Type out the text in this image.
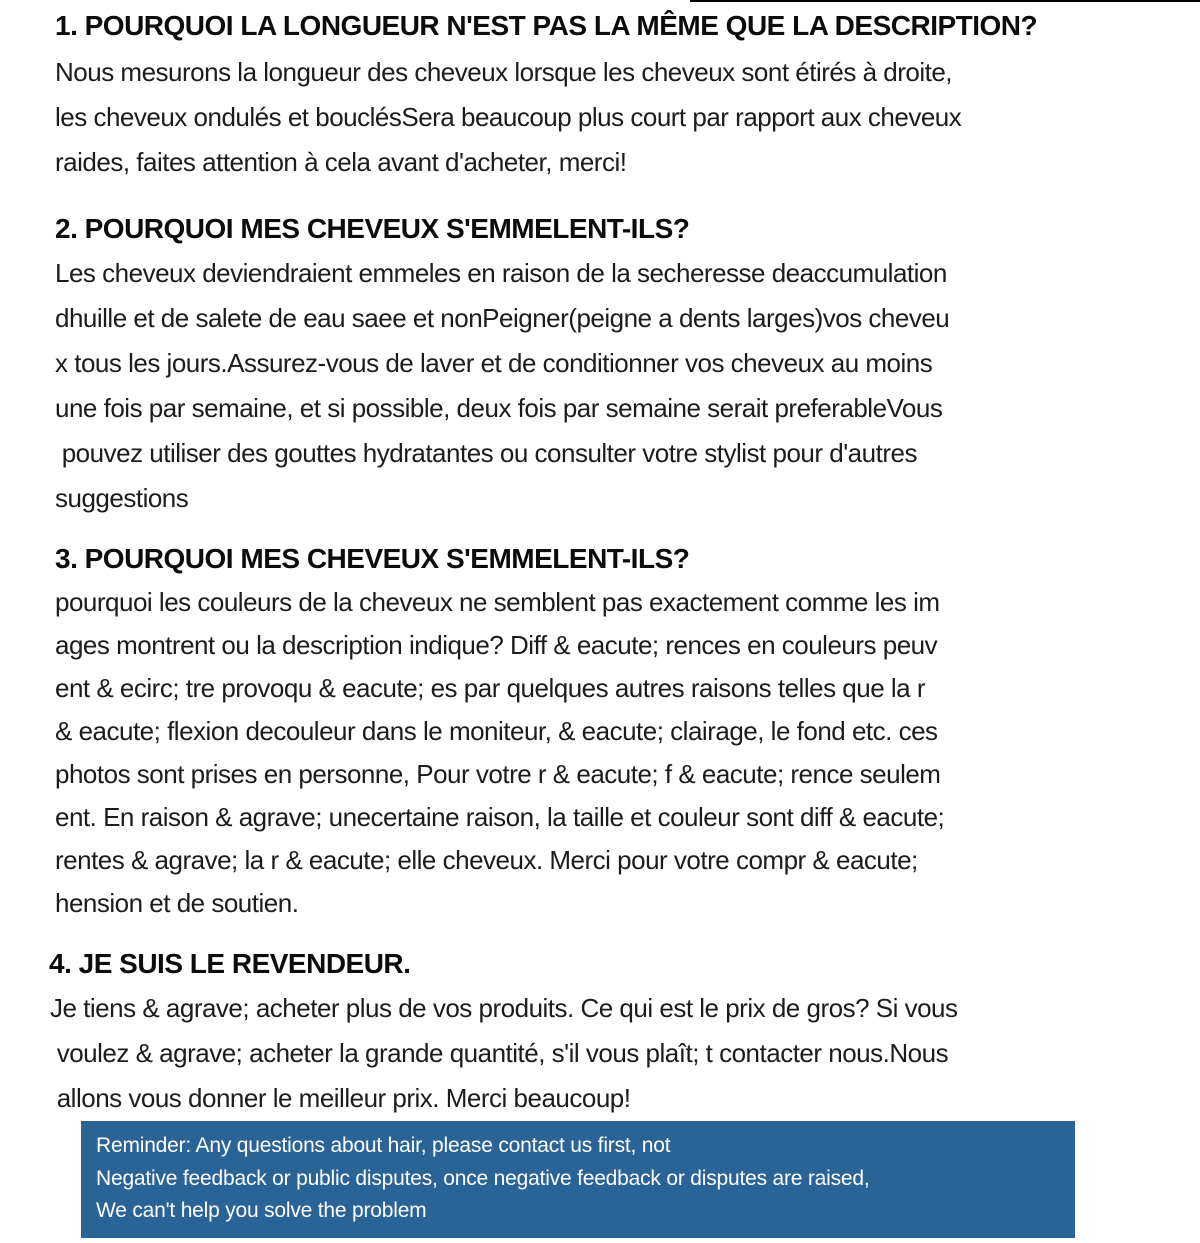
1. POURQUOI LA LONGUEUR N'EST PAS LA MÊME QUE LA DESCRIPTION?
Nous mesurons la longueur des cheveux lorsque les cheveux sont étirés à droite,
les cheveux ondulés et bouclésSera beaucoup plus court par rapport aux cheveux
raides, faites attention à cela avant d'acheter, merci!
2. POURQUOI MES CHEVEUX S'EMMELENT-ILS?
Les cheveux deviendraient emmeles en raison de la secheresse deaccumulation
dhuille et de salete de eau saee et nonPeigner(peigne a dents larges)vos cheveu
x tous les jours.Assurez-vous de laver et de conditionner vos cheveux au moins
une fois par semaine, et si possible, deux fois par semaine serait preferableVous
pouvez utiliser des gouttes hydratantes ou consulter votre stylist pour d'autres
suggestions
3. POURQUOI MES CHEVEUX S'EMMELENT-ILS?
pourquoi les couleurs de la cheveux ne semblent pas exactement comme les im
ages montrent ou la description indique? Diff & eacute; rences en couleurs peuv
ent & ecirc; tre provoqu & eacute; es par quelques autres raisons telles que la r
& eacute; flexion decouleur dans le moniteur, & eacute; clairage, le fond etc. ces
photos sont prises en personne, Pour votre r & eacute; f & eacute; rence seulem
ent. En raison & agrave; unecertaine raison, la taille et couleur sont diff & eacute;
rentes & agrave; la r & eacute; elle cheveux. Merci pour votre compr & eacute;
hension et de soutien.
4. JE SUIS LE REVENDEUR.
Je tiens & agrave; acheter plus de vos produits. Ce qui est le prix de gros? Si vous
voulez & agrave; acheter la grande quantité, s'il vous plaît; t contacter nous.Nous
allons vous donner le meilleur prix. Merci beaucoup!
Reminder: Any questions about hair, please contact us first, not
Negative feedback or public disputes, once negative feedback or disputes are raised,
We can't help you solve the problem
